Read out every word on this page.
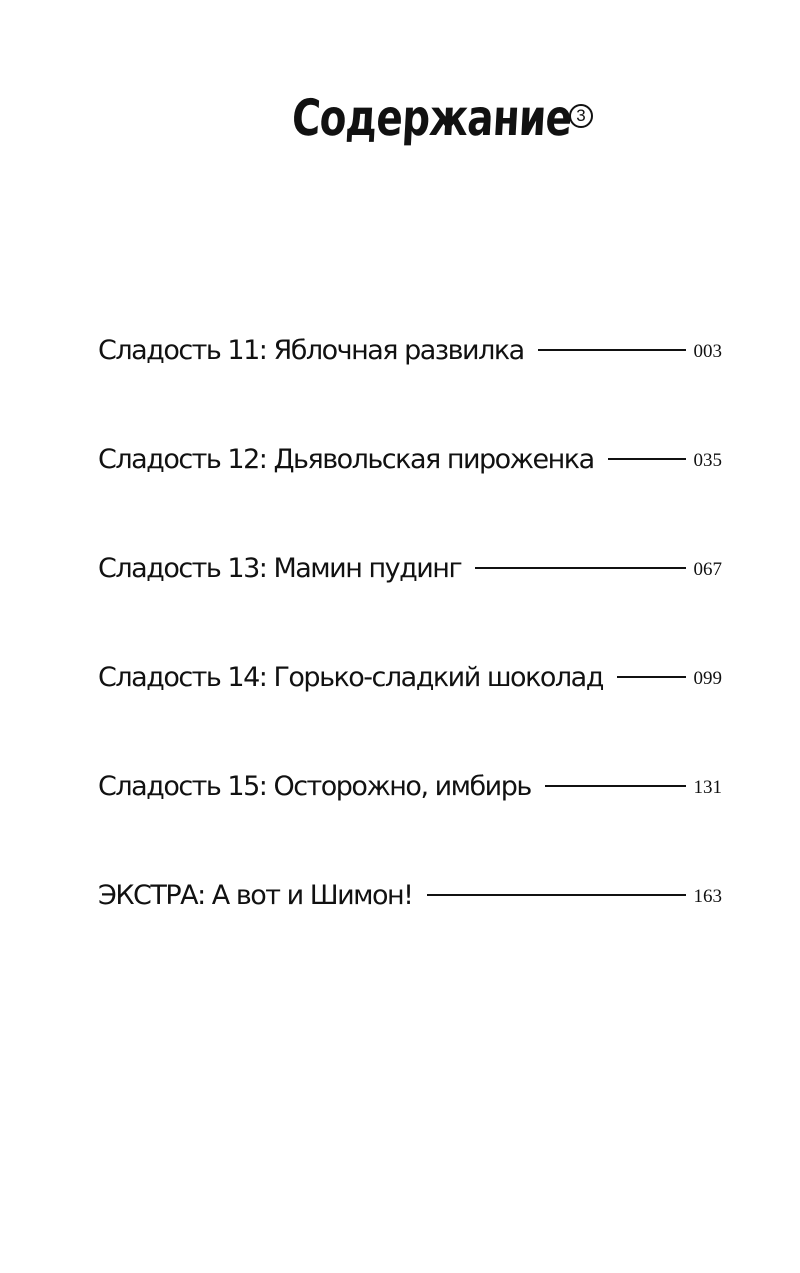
Содержание 3
Сладость 11: Яблочная развилка	003
Сладость 12: Дьявольская пироженка	035
Сладость 13: Мамин пудинг	067
Сладость 14: Горько-сладкий шоколад	099
Сладость 15: Осторожно, имбирь	131
ЭКСТРА: А вот и Шимон!	163
